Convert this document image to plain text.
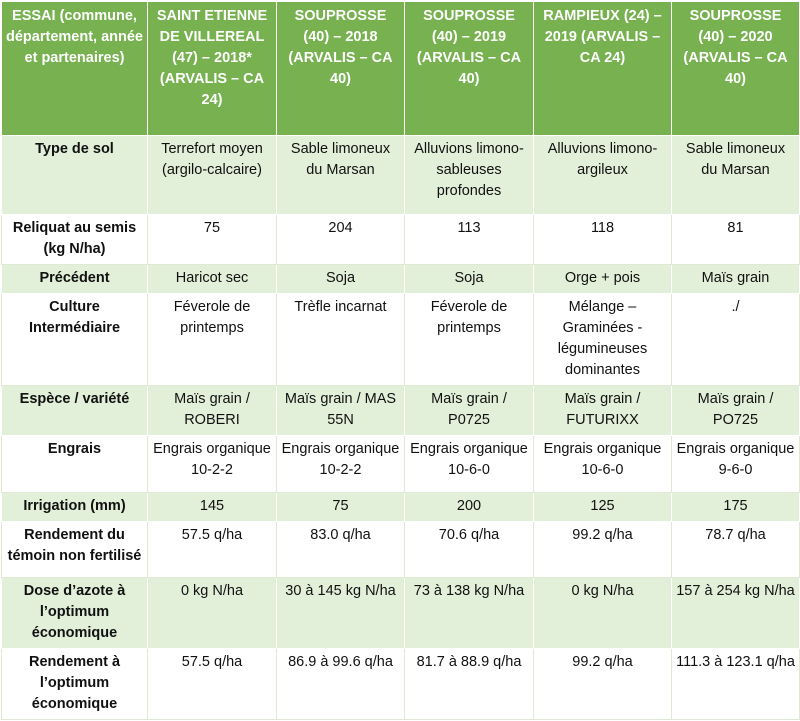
ESSAI (commune, département, année et partenaires)	SAINT ETIENNE DE VILLEREAL (47) – 2018* (ARVALIS – CA 24)	SOUPROSSE (40) – 2018 (ARVALIS – CA 40)	SOUPROSSE (40) – 2019 (ARVALIS – CA 40)	RAMPIEUX (24) – 2019 (ARVALIS – CA 24)	SOUPROSSE (40) – 2020 (ARVALIS – CA 40)
Type de sol	Terrefort moyen (argilo-calcaire)	Sable limoneux du Marsan	Alluvions limono-sableuses profondes	Alluvions limono-argileux	Sable limoneux du Marsan
Reliquat au semis (kg N/ha)	75	204	113	118	81
Précédent	Haricot sec	Soja	Soja	Orge + pois	Maïs grain
Culture Intermédiaire	Féverole de printemps	Trèfle incarnat	Féverole de printemps	Mélange – Graminées - légumineuses dominantes	./
Espèce / variété	Maïs grain / ROBERI	Maïs grain / MAS 55N	Maïs grain / P0725	Maïs grain / FUTURIXX	Maïs grain / PO725
Engrais	Engrais organique 10-2-2	Engrais organique 10-2-2	Engrais organique 10-6-0	Engrais organique 10-6-0	Engrais organique 9-6-0
Irrigation (mm)	145	75	200	125	175
Rendement du témoin non fertilisé	57.5 q/ha	83.0 q/ha	70.6 q/ha	99.2 q/ha	78.7 q/ha
Dose d’azote à l’optimum économique	0 kg N/ha	30 à 145 kg N/ha	73 à 138 kg N/ha	0 kg N/ha	157 à 254 kg N/ha
Rendement à l’optimum économique	57.5 q/ha	86.9 à 99.6 q/ha	81.7 à 88.9 q/ha	99.2 q/ha	111.3 à 123.1 q/ha
